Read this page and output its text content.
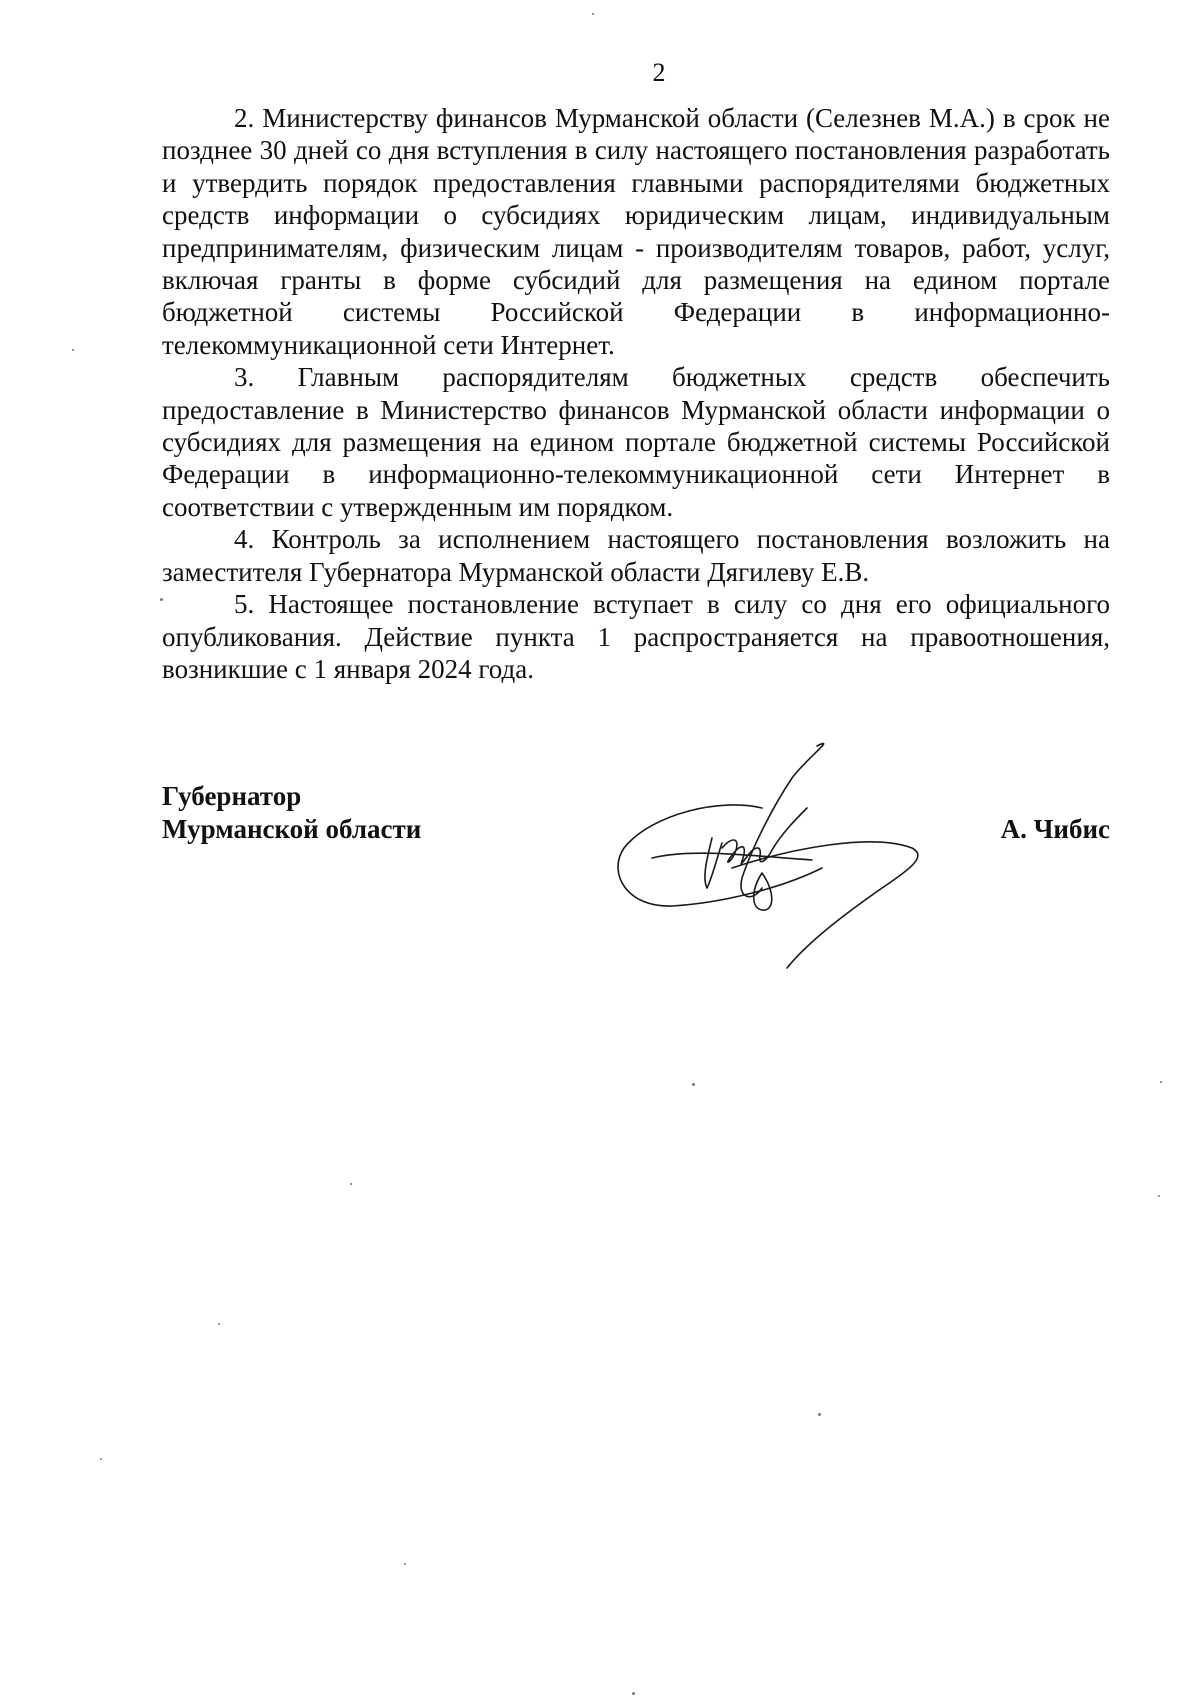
2

2. Министерству финансов Мурманской области (Селезнев М.А.) в срок не позднее 30 дней со дня вступления в силу настоящего постановления разработать и утвердить порядок предоставления главными распорядителями бюджетных средств информации о субсидиях юридическим лицам, индивидуальным предпринимателям, физическим лицам - производителям товаров, работ, услуг, включая гранты в форме субсидий для размещения на едином портале бюджетной системы Российской Федерации в информационно-телекоммуникационной сети Интернет.

3. Главным распорядителям бюджетных средств обеспечить предоставление в Министерство финансов Мурманской области информации о субсидиях для размещения на едином портале бюджетной системы Российской Федерации в информационно-телекоммуникационной сети Интернет в соответствии с утвержденным им порядком.

4. Контроль за исполнением настоящего постановления возложить на заместителя Губернатора Мурманской области Дягилеву Е.В.

5. Настоящее постановление вступает в силу со дня его официального опубликования. Действие пункта 1 распространяется на правоотношения, возникшие с 1 января 2024 года.

Губернатор
Мурманской области	А. Чибис
